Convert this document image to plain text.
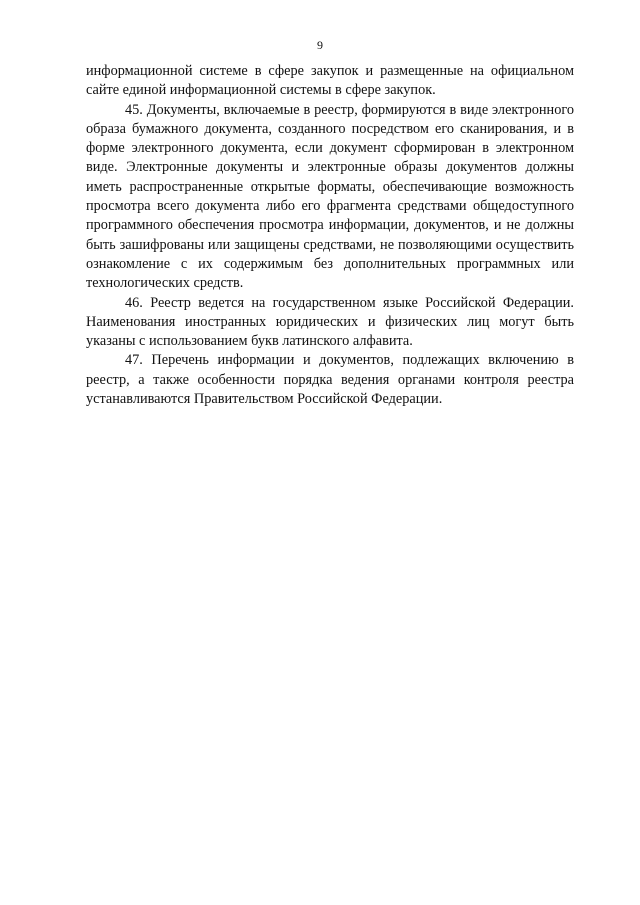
9

информационной системе в сфере закупок и размещенные на официальном сайте единой информационной системы в сфере закупок.

45. Документы, включаемые в реестр, формируются в виде электронного образа бумажного документа, созданного посредством его сканирования, и в форме электронного документа, если документ сформирован в электронном виде. Электронные документы и электронные образы документов должны иметь распространенные открытые форматы, обеспечивающие возможность просмотра всего документа либо его фрагмента средствами общедоступного программного обеспечения просмотра информации, документов, и не должны быть зашифрованы или защищены средствами, не позволяющими осуществить ознакомление с их содержимым без дополнительных программных или технологических средств.

46. Реестр ведется на государственном языке Российской Федерации. Наименования иностранных юридических и физических лиц могут быть указаны с использованием букв латинского алфавита.

47. Перечень информации и документов, подлежащих включению в реестр, а также особенности порядка ведения органами контроля реестра устанавливаются Правительством Российской Федерации.
